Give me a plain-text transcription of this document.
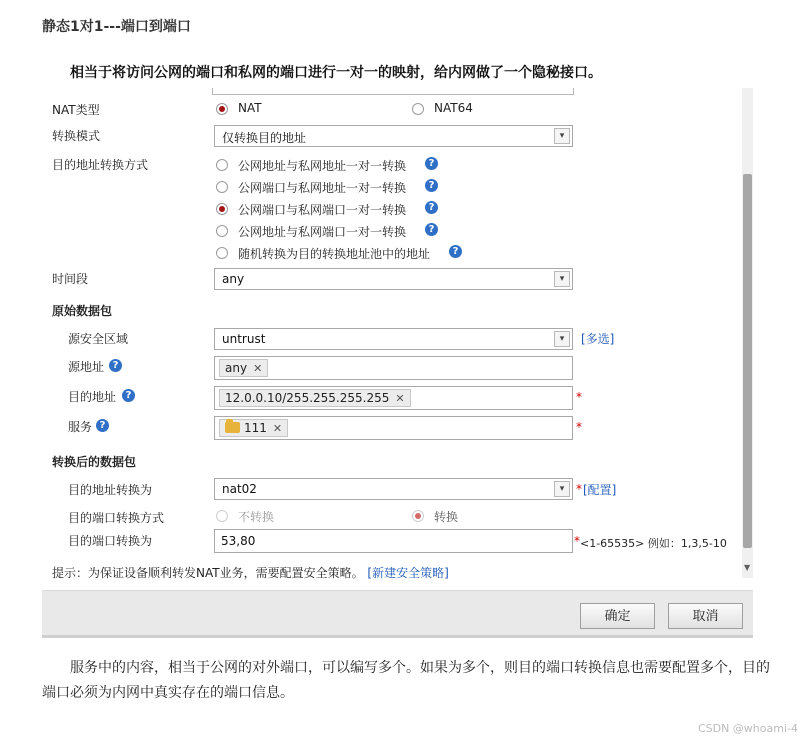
静态1对1---端口到端口
相当于将访问公网的端口和私网的端口进行一对一的映射，给内网做了一个隐秘接口。
NAT类型	NAT	NAT64
转换模式	仅转换目的地址	▾
目的地址转换方式	公网地址与私网地址一对一转换	?
公网端口与私网地址一对一转换	?
公网端口与私网端口一对一转换	?
公网地址与私网端口一对一转换	?
随机转换为目的转换地址池中的地址	?
时间段	any	▾
原始数据包
源安全区域	untrust	▾	[多选]
源地址 ?	any ✕
目的地址 ?	12.0.0.10/255.255.255.255 ✕	*
服务 ?	111 ✕	*
转换后的数据包
目的地址转换为	nat02	▾ * [配置]
目的端口转换方式	不转换	转换
目的端口转换为	53,80	* <1-65535> 例如：1,3,5-10
提示：为保证设备顺利转发NAT业务，需要配置安全策略。 [新建安全策略]	▼
确定	取消
服务中的内容，相当于公网的对外端口，可以编写多个。如果为多个，则目的端口转换信息也需要配置多个，目的端口必须为内网中真实存在的端口信息。
CSDN @whoami-4
